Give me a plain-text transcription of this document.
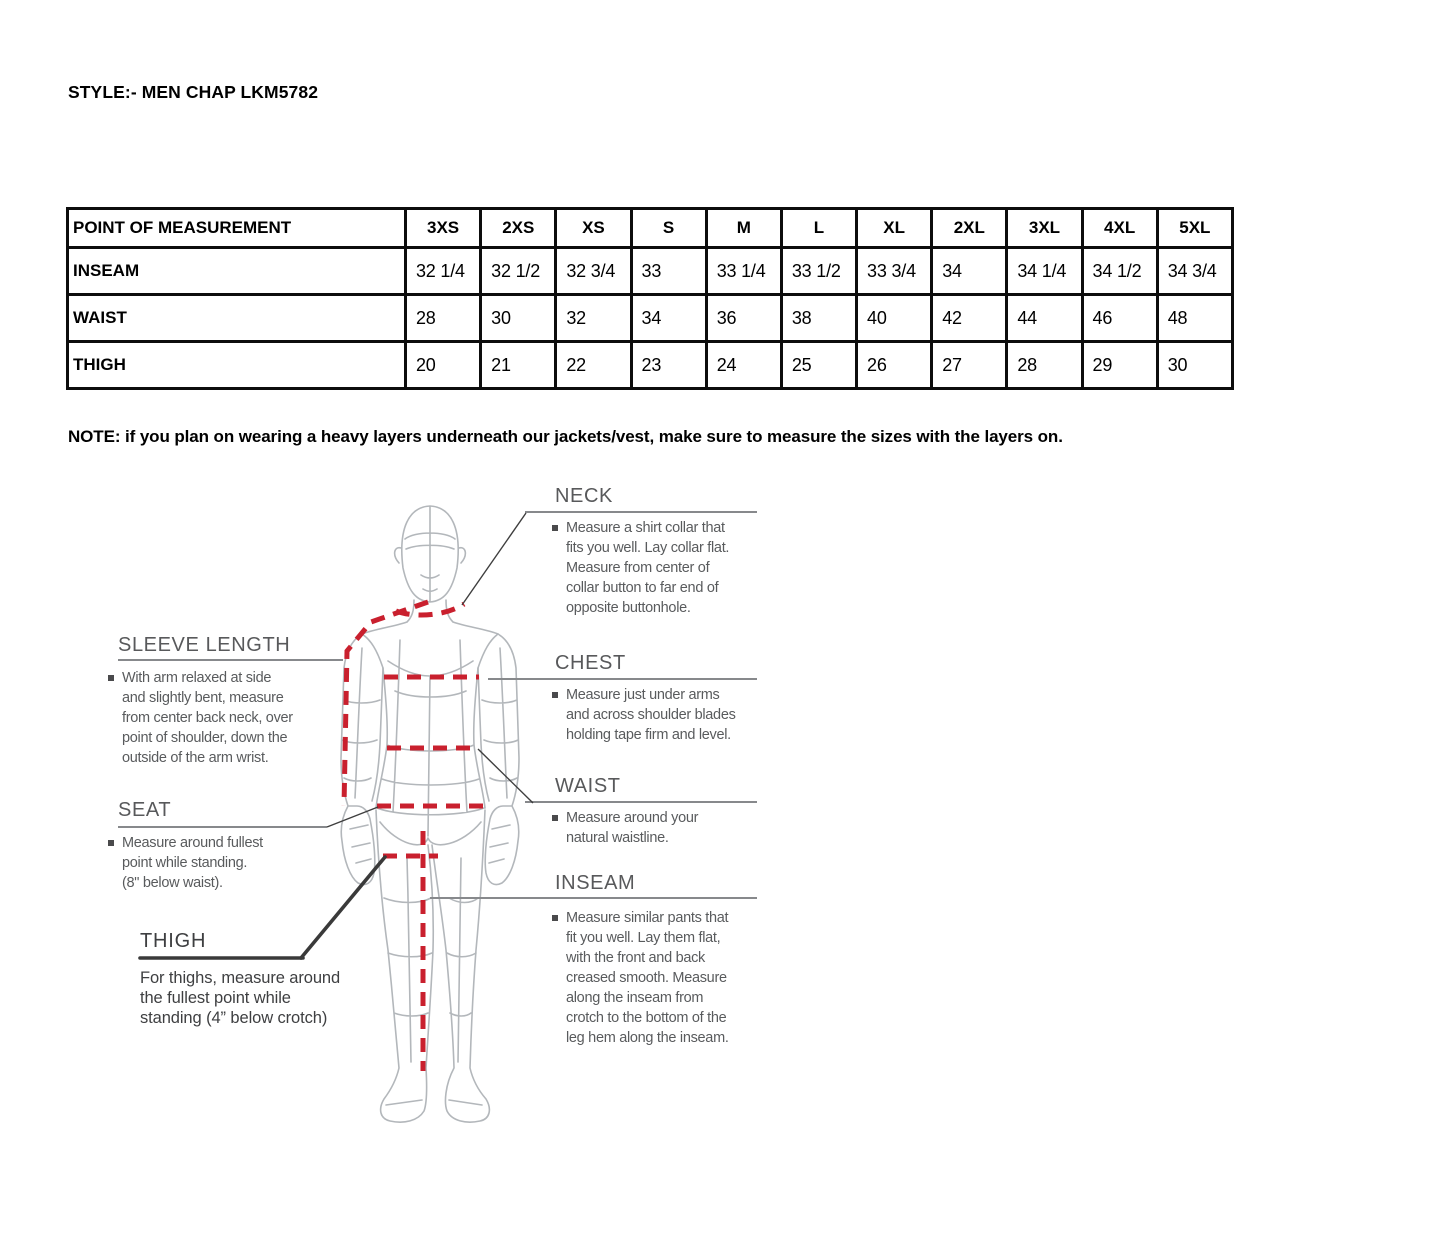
STYLE:- MEN CHAP LKM5782
POINT OF MEASUREMENT	3XS	2XS	XS	S	M	L	XL	2XL	3XL	4XL	5XL
INSEAM	32 1/4	32 1/2	32 3/4	33	33 1/4	33 1/2	33 3/4	34	34 1/4	34 1/2	34 3/4
WAIST	28	30	32	34	36	38	40	42	44	46	48
THIGH	20	21	22	23	24	25	26	27	28	29	30
NOTE: if you plan on wearing a heavy layers underneath our jackets/vest, make sure to measure the sizes with the layers on.
NECK
Measure a shirt collar that
fits you well. Lay collar flat.
Measure from center of
collar button to far end of
opposite buttonhole.
SLEEVE LENGTH
With arm relaxed at side
and slightly bent, measure
from center back neck, over
point of shoulder, down the
outside of the arm wrist.
CHEST
Measure just under arms
and across shoulder blades
holding tape firm and level.
SEAT
Measure around fullest
point while standing.
(8" below waist).
WAIST
Measure around your
natural waistline.
INSEAM
Measure similar pants that
fit you well. Lay them flat,
with the front and back
creased smooth. Measure
along the inseam from
crotch to the bottom of the
leg hem along the inseam.
THIGH
For thighs, measure around
the fullest point while
standing (4” below crotch)
